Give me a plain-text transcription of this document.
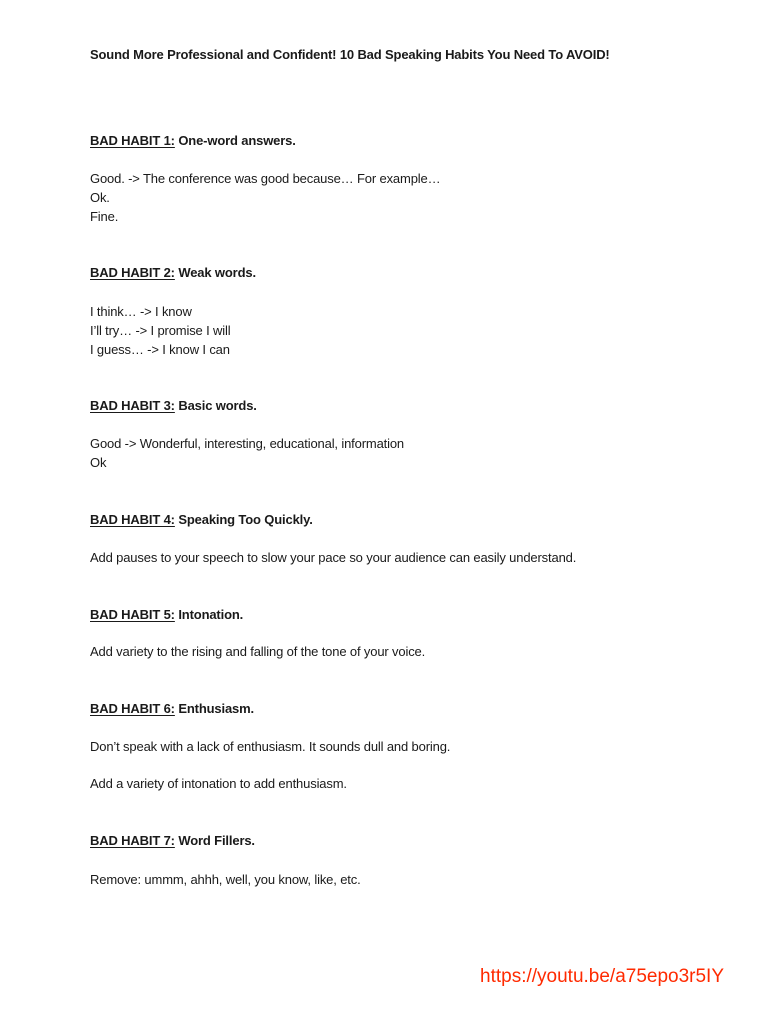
Sound More Professional and Confident! 10 Bad Speaking Habits You Need To AVOID!
BAD HABIT 1: One-word answers.
Good. -> The conference was good because… For example…
Ok.
Fine.
BAD HABIT 2: Weak words.
I think… -> I know
I’ll try… -> I promise I will
I guess… -> I know I can
BAD HABIT 3: Basic words.
Good -> Wonderful, interesting, educational, information
Ok
BAD HABIT 4: Speaking Too Quickly.
Add pauses to your speech to slow your pace so your audience can easily understand.
BAD HABIT 5: Intonation.
Add variety to the rising and falling of the tone of your voice.
BAD HABIT 6: Enthusiasm.
Don’t speak with a lack of enthusiasm. It sounds dull and boring.
Add a variety of intonation to add enthusiasm.
BAD HABIT 7: Word Fillers.
Remove: ummm, ahhh, well, you know, like, etc.
https://youtu.be/a75epo3r5IY
